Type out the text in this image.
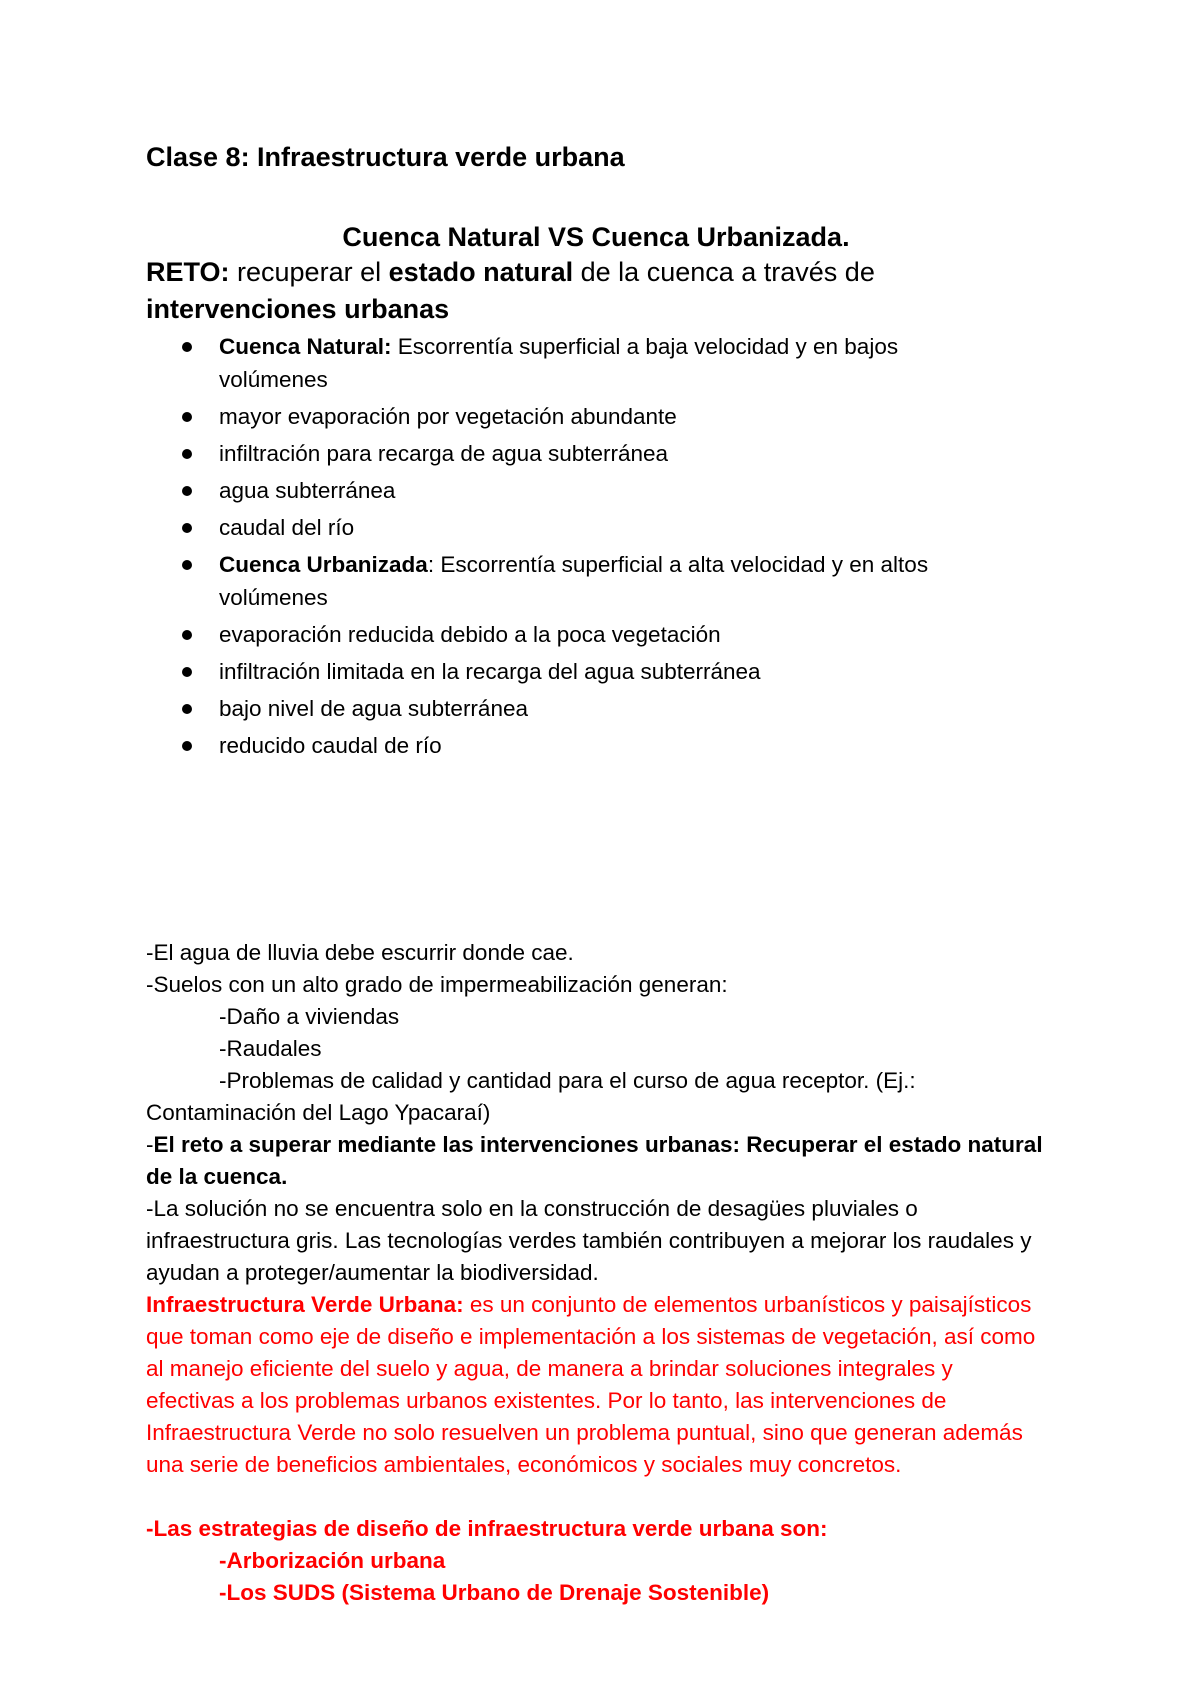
Clase 8: Infraestructura verde urbana
Cuenca Natural VS Cuenca Urbanizada.
RETO: recuperar el estado natural de la cuenca a través de intervenciones urbanas
Cuenca Natural: Escorrentía superficial a baja velocidad y en bajos volúmenes
mayor evaporación por vegetación abundante
infiltración para recarga de agua subterránea
agua subterránea
caudal del río
Cuenca Urbanizada: Escorrentía superficial a alta velocidad y en altos volúmenes
evaporación reducida debido a la poca vegetación
infiltración limitada en la recarga del agua subterránea
bajo nivel de agua subterránea
reducido caudal de río

-El agua de lluvia debe escurrir donde cae.

-Suelos con un alto grado de impermeabilización generan:

-Daño a viviendas

-Raudales

-Problemas de calidad y cantidad para el curso de agua receptor. (Ej.:

Contaminación del Lago Ypacaraí)

-El reto a superar mediante las intervenciones urbanas: Recuperar el estado natural de la cuenca.

-La solución no se encuentra solo en la construcción de desagües pluviales o infraestructura gris. Las tecnologías verdes también contribuyen a mejorar los raudales y ayudan a proteger/aumentar la biodiversidad.

Infraestructura Verde Urbana: es un conjunto de elementos urbanísticos y paisajísticos que toman como eje de diseño e implementación a los sistemas de vegetación, así como al manejo eficiente del suelo y agua, de manera a brindar soluciones integrales y efectivas a los problemas urbanos existentes. Por lo tanto, las intervenciones de Infraestructura Verde no solo resuelven un problema puntual, sino que generan además una serie de beneficios ambientales, económicos y sociales muy concretos.

-Las estrategias de diseño de infraestructura verde urbana son:

-Arborización urbana

-Los SUDS (Sistema Urbano de Drenaje Sostenible)
